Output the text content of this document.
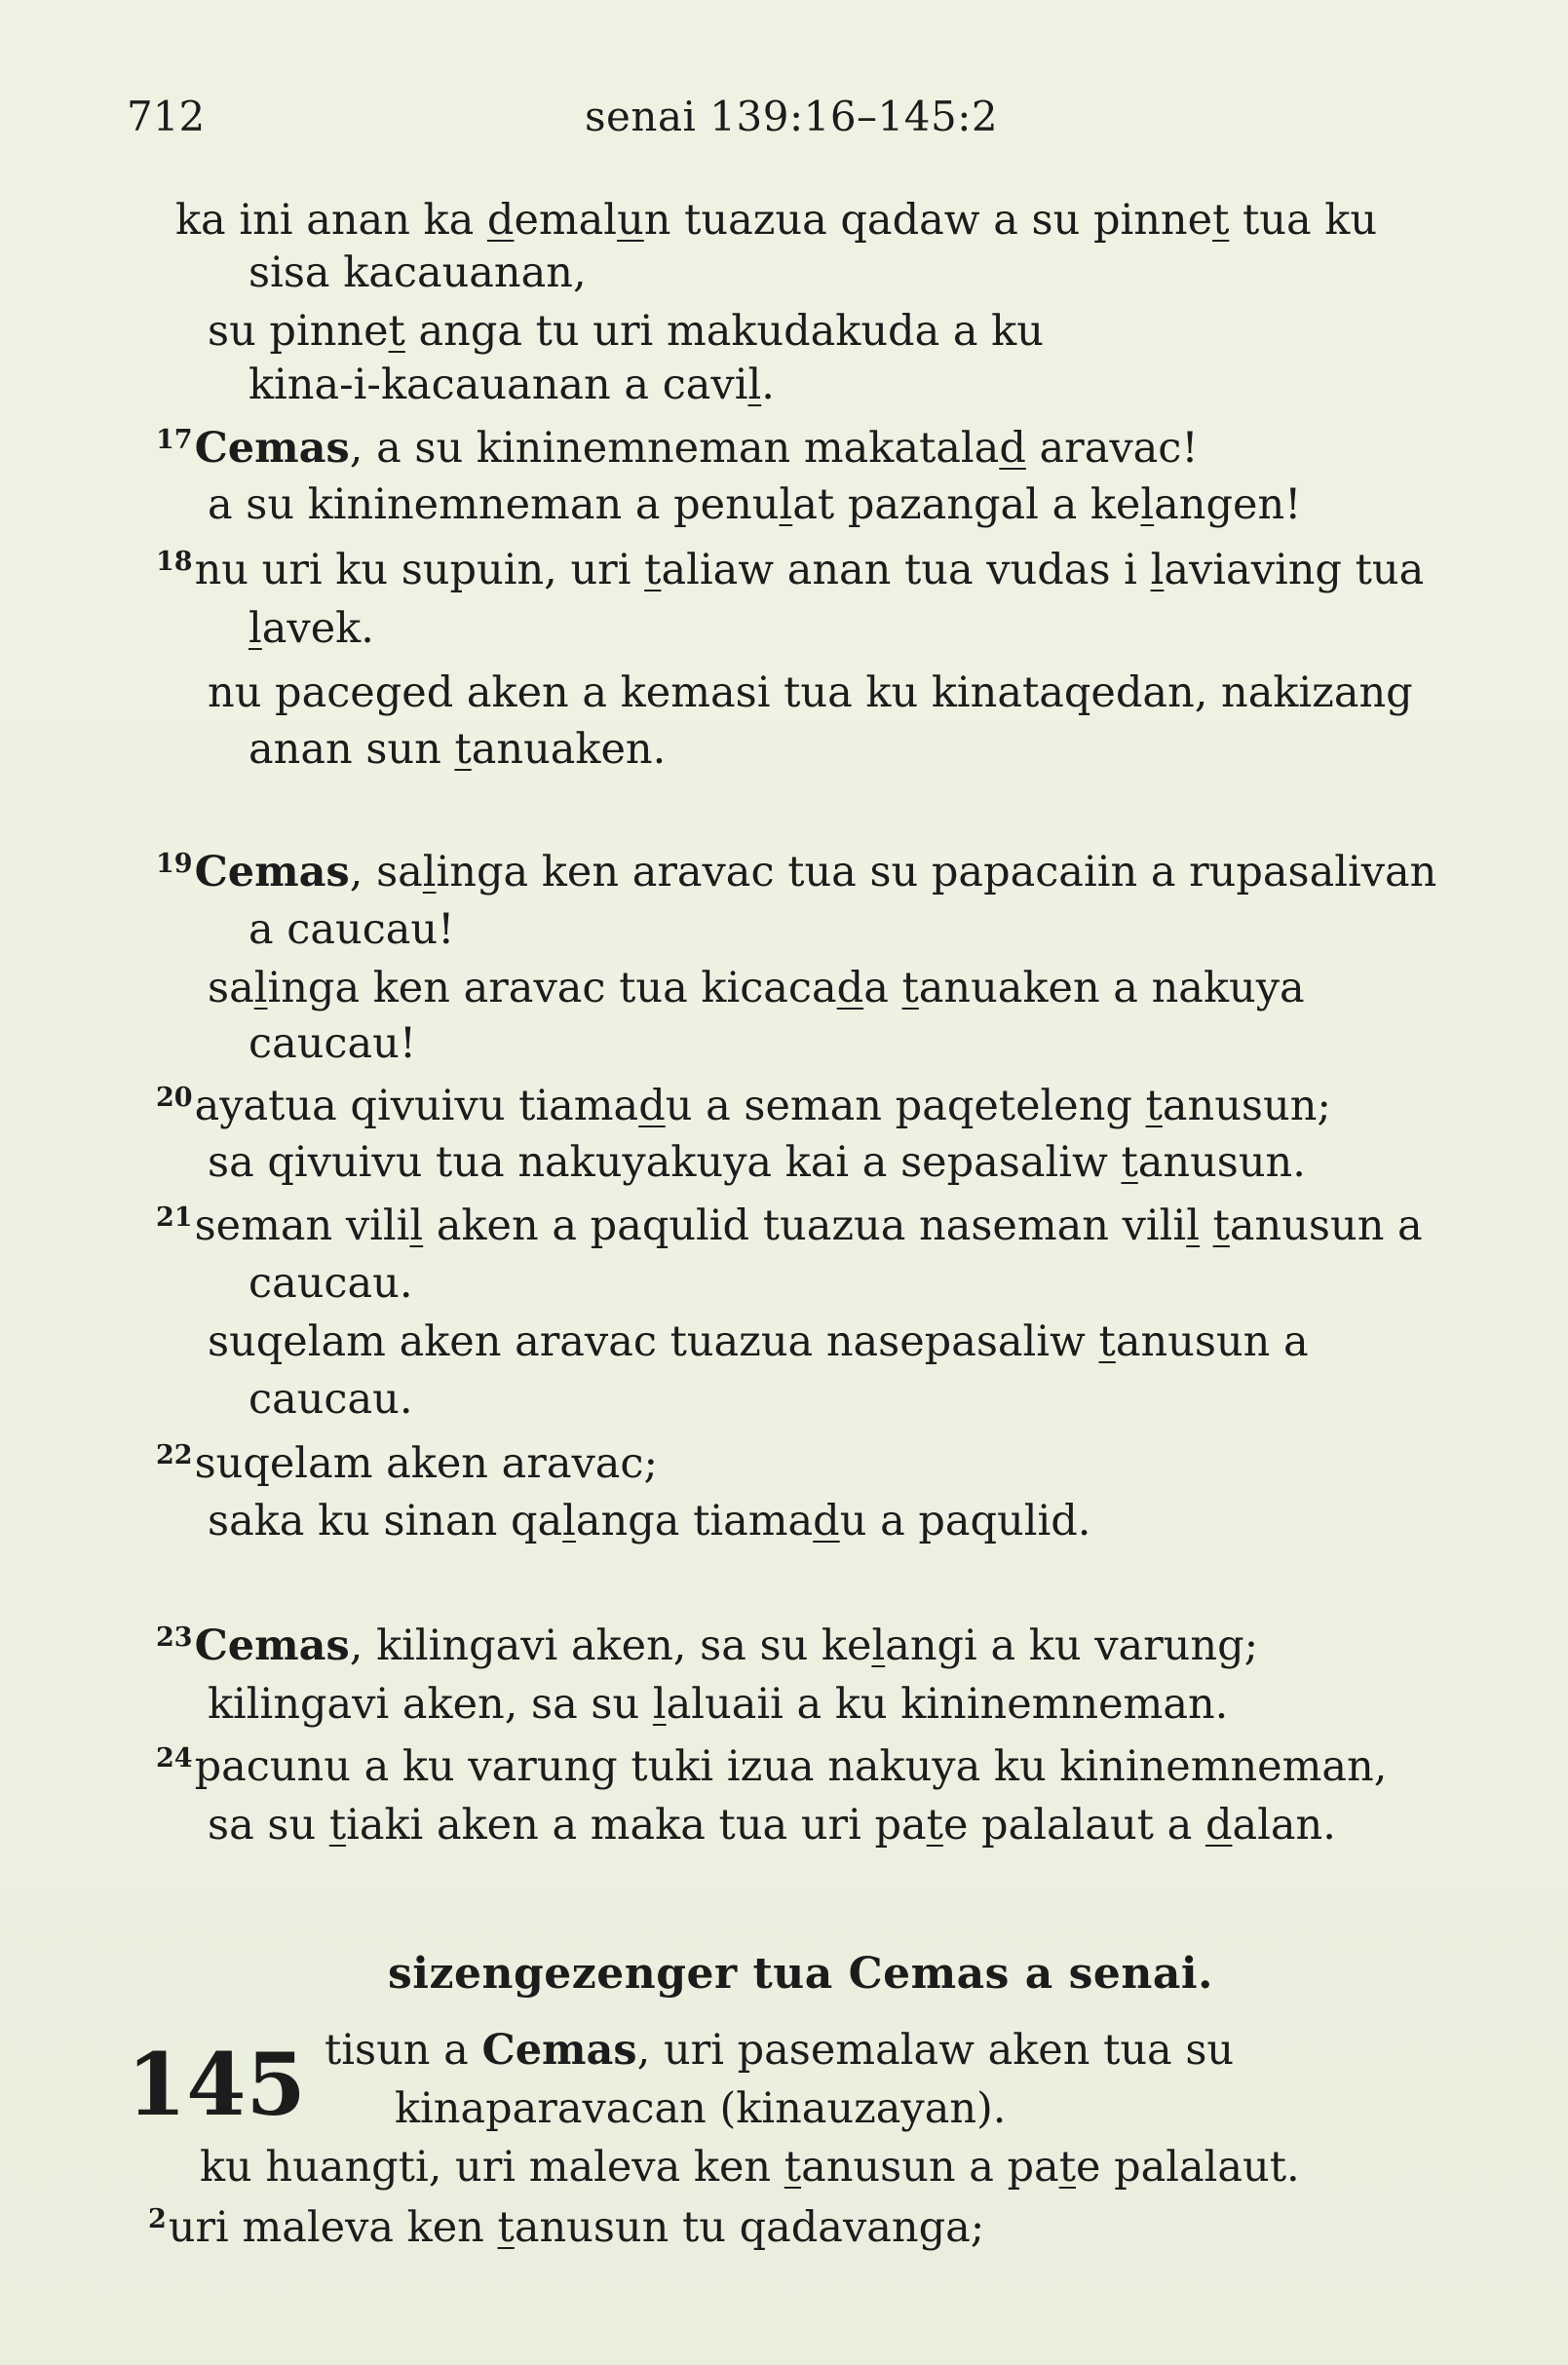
712	senai 139:16–145:2
ka ini anan ka demalun tuazua qadaw a su pinnet tua ku
sisa kacauanan,
su pinnet anga tu uri makudakuda a ku
kina-i-kacauanan a cavil.
$^{17}$Cemas, a su kininemneman makatalad aravac!
a su kininemneman a penulat pazangal a kelangen!
$^{18}$nu uri ku supuin, uri taliaw anan tua vudas i laviaving tua
lavek.
nu paceged aken a kemasi tua ku kinataqedan, nakizang
anan sun tanuaken.
$^{19}$Cemas, salinga ken aravac tua su papacaiin a rupasalivan
a caucau!
salinga ken aravac tua kicacada tanuaken a nakuya
caucau!
$^{20}$ayatua qivuivu tiamadu a seman paqeteleng tanusun;
sa qivuivu tua nakuyakuya kai a sepasaliw tanusun.
$^{21}$seman vilil aken a paqulid tuazua naseman vilil tanusun a
caucau.
suqelam aken aravac tuazua nasepasaliw tanusun a
caucau.
$^{22}$suqelam aken aravac;
saka ku sinan qalanga tiamadu a paqulid.
$^{23}$Cemas, kilingavi aken, sa su kelangi a ku varung;
kilingavi aken, sa su laluaii a ku kininemneman.
$^{24}$pacunu a ku varung tuki izua nakuya ku kininemneman,
sa su tiaki aken a maka tua uri pate palalaut a dalan.
sizengezenger tua Cemas a senai.
145 tisun a Cemas, uri pasemalaw aken tua su
kinaparavacan (kinauzayan).
ku huangti, uri maleva ken tanusun a pate palalaut.
$^2$uri maleva ken tanusun tu qadavanga;
